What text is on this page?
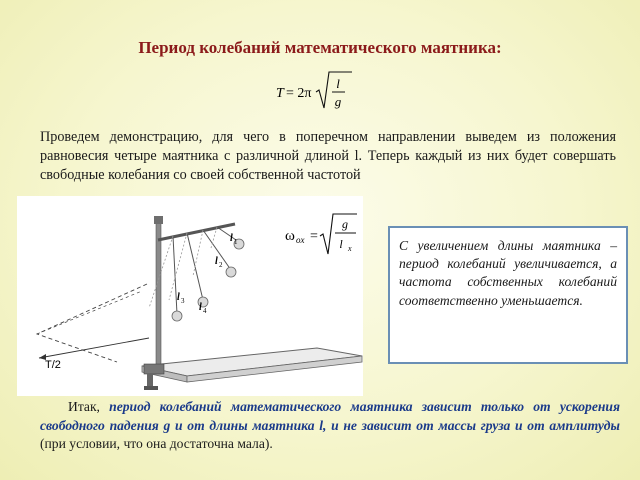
Период колебаний математического маятника:
T = 2π
l
g

Проведем демонстрацию, для чего в поперечном направлении выведем из положения равновесия четыре маятника с различной длиной l. Теперь каждый из них будет совершать свободные колебания со своей собственной частотой

T/2
l 1
l 2
l 3
l 4
ω ox =
g
l x	С увеличением длины маятника – период колебаний увеличивается, а частота собственных колебаний соответственно уменьшается.

Итак, период колебаний математического маятника зависит только от ускорения свободного падения g и от длины маятника l, и не зависит от массы груза и от амплитуды (при условии, что она достаточна мала).
